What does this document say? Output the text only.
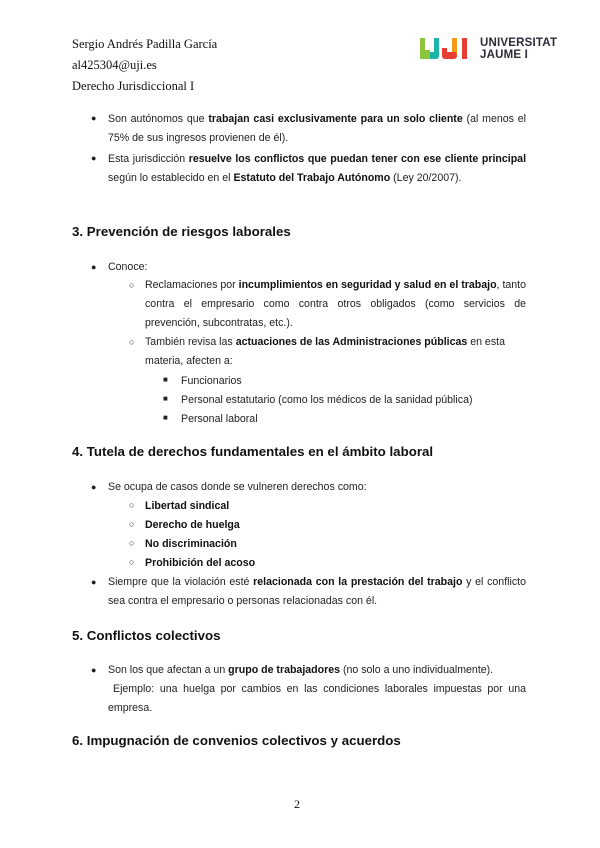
Sergio Andrés Padilla García
al425304@uji.es
Derecho Jurisdiccional I
UNIVERSITAT
JAUME I
● Son autónomos que trabajan casi exclusivamente para un solo cliente (al menos el 75% de sus ingresos provienen de él).
● Esta jurisdicción resuelve los conflictos que puedan tener con ese cliente principal según lo establecido en el Estatuto del Trabajo Autónomo (Ley 20/2007).
3. Prevención de riesgos laborales
● Conoce:
○ Reclamaciones por incumplimientos en seguridad y salud en el trabajo, tanto contra el empresario como contra otros obligados (como servicios de prevención, subcontratas, etc.).
○ También revisa las actuaciones de las Administraciones públicas en esta materia, afecten a:
■ Funcionarios
■ Personal estatutario (como los médicos de la sanidad pública)
■ Personal laboral
4. Tutela de derechos fundamentales en el ámbito laboral
● Se ocupa de casos donde se vulneren derechos como:
○ Libertad sindical
○ Derecho de huelga
○ No discriminación
○ Prohibición del acoso
● Siempre que la violación esté relacionada con la prestación del trabajo y el conflicto sea contra el empresario o personas relacionadas con él.
5. Conflictos colectivos
● Son los que afectan a un grupo de trabajadores (no solo a uno individualmente).
Ejemplo: una huelga por cambios en las condiciones laborales impuestas por una empresa.
6. Impugnación de convenios colectivos y acuerdos
2
